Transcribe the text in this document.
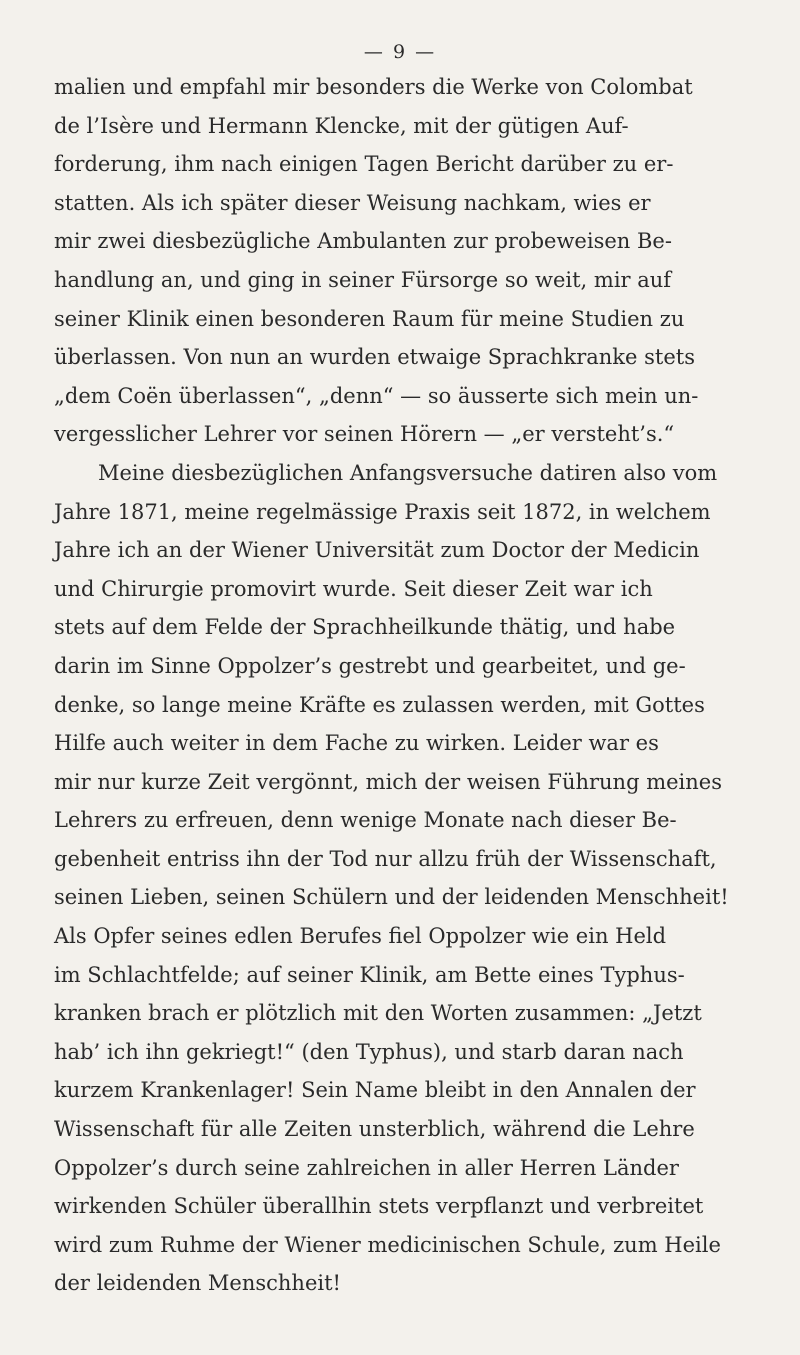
— 9 —
malien und empfahl mir besonders die Werke von Colombat
de l’Isère und Hermann Klencke, mit der gütigen Auf-
forderung, ihm nach einigen Tagen Bericht darüber zu er-
statten. Als ich später dieser Weisung nachkam, wies er
mir zwei diesbezügliche Ambulanten zur probeweisen Be-
handlung an, und ging in seiner Fürsorge so weit, mir auf
seiner Klinik einen besonderen Raum für meine Studien zu
überlassen. Von nun an wurden etwaige Sprachkranke stets
„dem Coën überlassen“, „denn“ — so äusserte sich mein un-
vergesslicher Lehrer vor seinen Hörern — „er versteht’s.“
Meine diesbezüglichen Anfangsversuche datiren also vom
Jahre 1871, meine regelmässige Praxis seit 1872, in welchem
Jahre ich an der Wiener Universität zum Doctor der Medicin
und Chirurgie promovirt wurde. Seit dieser Zeit war ich
stets auf dem Felde der Sprachheilkunde thätig, und habe
darin im Sinne Oppolzer’s gestrebt und gearbeitet, und ge-
denke, so lange meine Kräfte es zulassen werden, mit Gottes
Hilfe auch weiter in dem Fache zu wirken. Leider war es
mir nur kurze Zeit vergönnt, mich der weisen Führung meines
Lehrers zu erfreuen, denn wenige Monate nach dieser Be-
gebenheit entriss ihn der Tod nur allzu früh der Wissenschaft,
seinen Lieben, seinen Schülern und der leidenden Menschheit!
Als Opfer seines edlen Berufes fiel Oppolzer wie ein Held
im Schlachtfelde; auf seiner Klinik, am Bette eines Typhus-
kranken brach er plötzlich mit den Worten zusammen: „Jetzt
hab’ ich ihn gekriegt!“ (den Typhus), und starb daran nach
kurzem Krankenlager! Sein Name bleibt in den Annalen der
Wissenschaft für alle Zeiten unsterblich, während die Lehre
Oppolzer’s durch seine zahlreichen in aller Herren Länder
wirkenden Schüler überallhin stets verpflanzt und verbreitet
wird zum Ruhme der Wiener medicinischen Schule, zum Heile
der leidenden Menschheit!
